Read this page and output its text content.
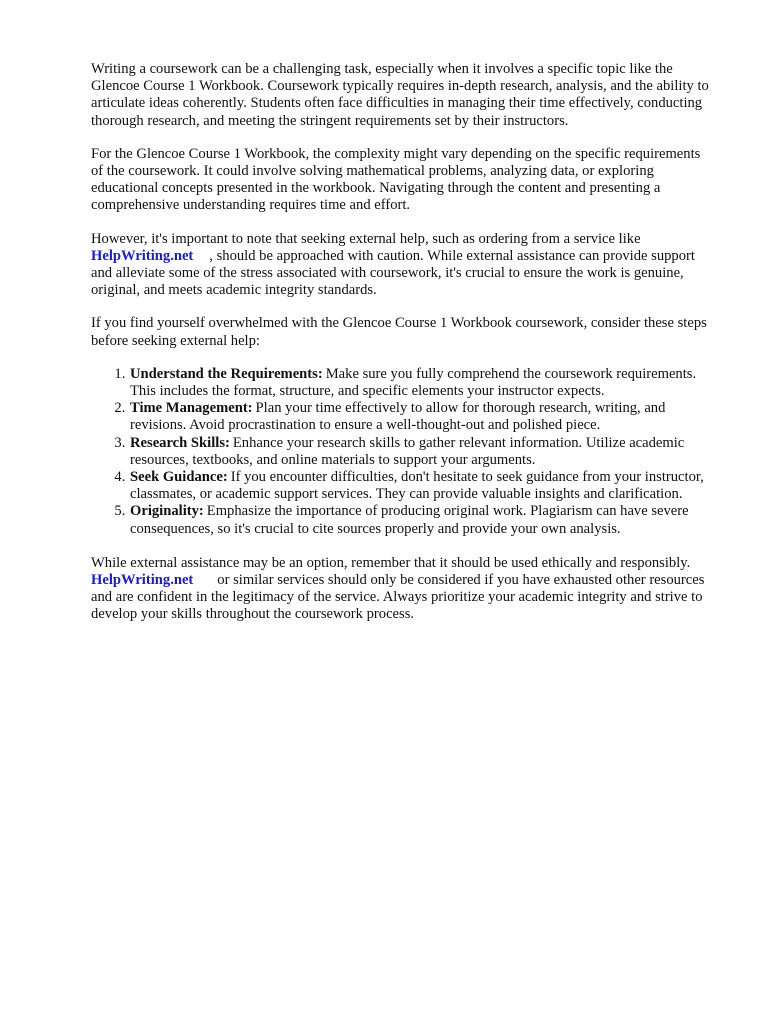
Writing a coursework can be a challenging task, especially when it involves a specific topic like the Glencoe Course 1 Workbook. Coursework typically requires in-depth research, analysis, and the ability to articulate ideas coherently. Students often face difficulties in managing their time effectively, conducting thorough research, and meeting the stringent requirements set by their instructors.

For the Glencoe Course 1 Workbook, the complexity might vary depending on the specific requirements of the coursework. It could involve solving mathematical problems, analyzing data, or exploring educational concepts presented in the workbook. Navigating through the content and presenting a comprehensive understanding requires time and effort.

However, it's important to note that seeking external help, such as ordering from a service like
HelpWriting.net , should be approached with caution. While external assistance can provide support and alleviate some of the stress associated with coursework, it's crucial to ensure the work is genuine, original, and meets academic integrity standards.

If you find yourself overwhelmed with the Glencoe Course 1 Workbook coursework, consider these steps before seeking external help:

1. Understand the Requirements: Make sure you fully comprehend the coursework requirements. This includes the format, structure, and specific elements your instructor expects.
2. Time Management: Plan your time effectively to allow for thorough research, writing, and revisions. Avoid procrastination to ensure a well-thought-out and polished piece.
3. Research Skills: Enhance your research skills to gather relevant information. Utilize academic resources, textbooks, and online materials to support your arguments.
4. Seek Guidance: If you encounter difficulties, don't hesitate to seek guidance from your instructor, classmates, or academic support services. They can provide valuable insights and clarification.
5. Originality: Emphasize the importance of producing original work. Plagiarism can have severe consequences, so it's crucial to cite sources properly and provide your own analysis.

While external assistance may be an option, remember that it should be used ethically and responsibly.HelpWriting.net or similar services should only be considered if you have exhausted other resources and are confident in the legitimacy of the service. Always prioritize your academic integrity and strive to develop your skills throughout the coursework process.
